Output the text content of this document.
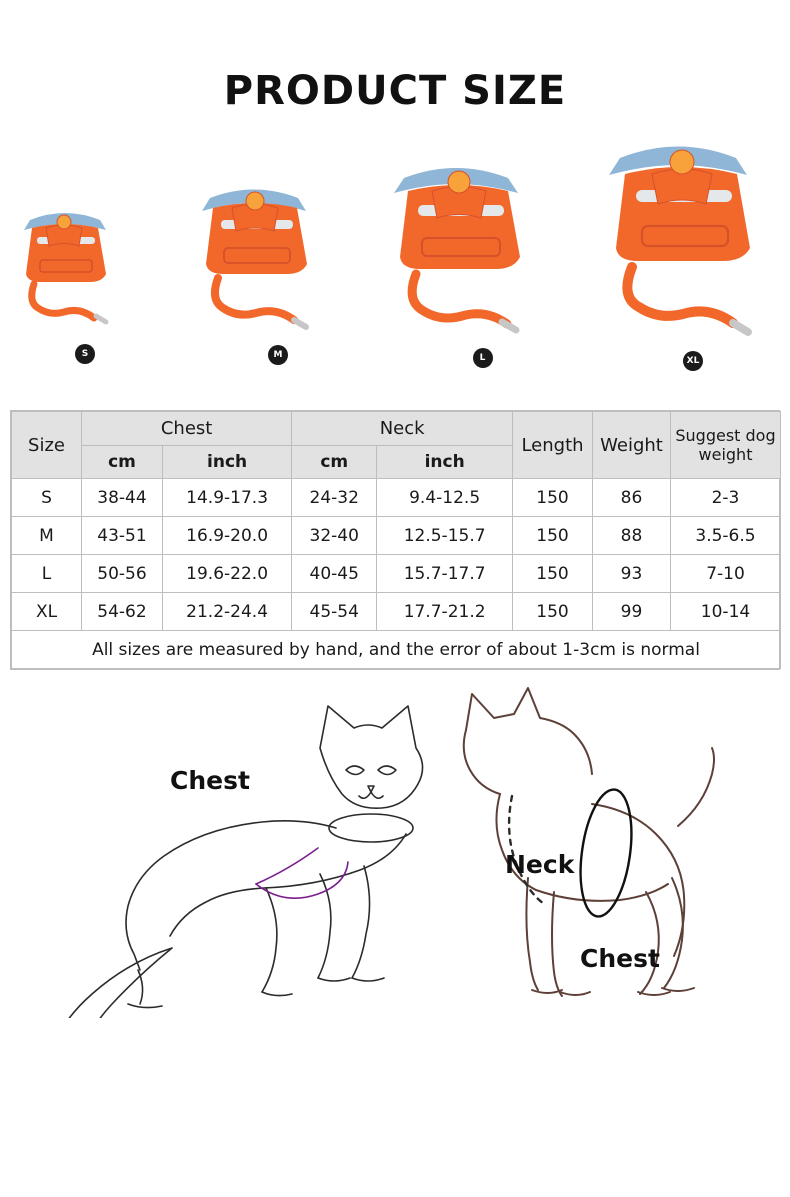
PRODUCT SIZE
S	M	L	XL
Size	Chest		Neck		Length	Weight	Suggest dog weight
	cm	inch	cm	inch			
S	38-44	14.9-17.3	24-32	9.4-12.5	150	86	2-3
M	43-51	16.9-20.0	32-40	12.5-15.7	150	88	3.5-6.5
L	50-56	19.6-22.0	40-45	15.7-17.7	150	93	7-10
XL	54-62	21.2-24.4	45-54	17.7-21.2	150	99	10-14
All sizes are measured by hand, and the error of about 1-3cm is normal							
Chest
Neck
Chest
